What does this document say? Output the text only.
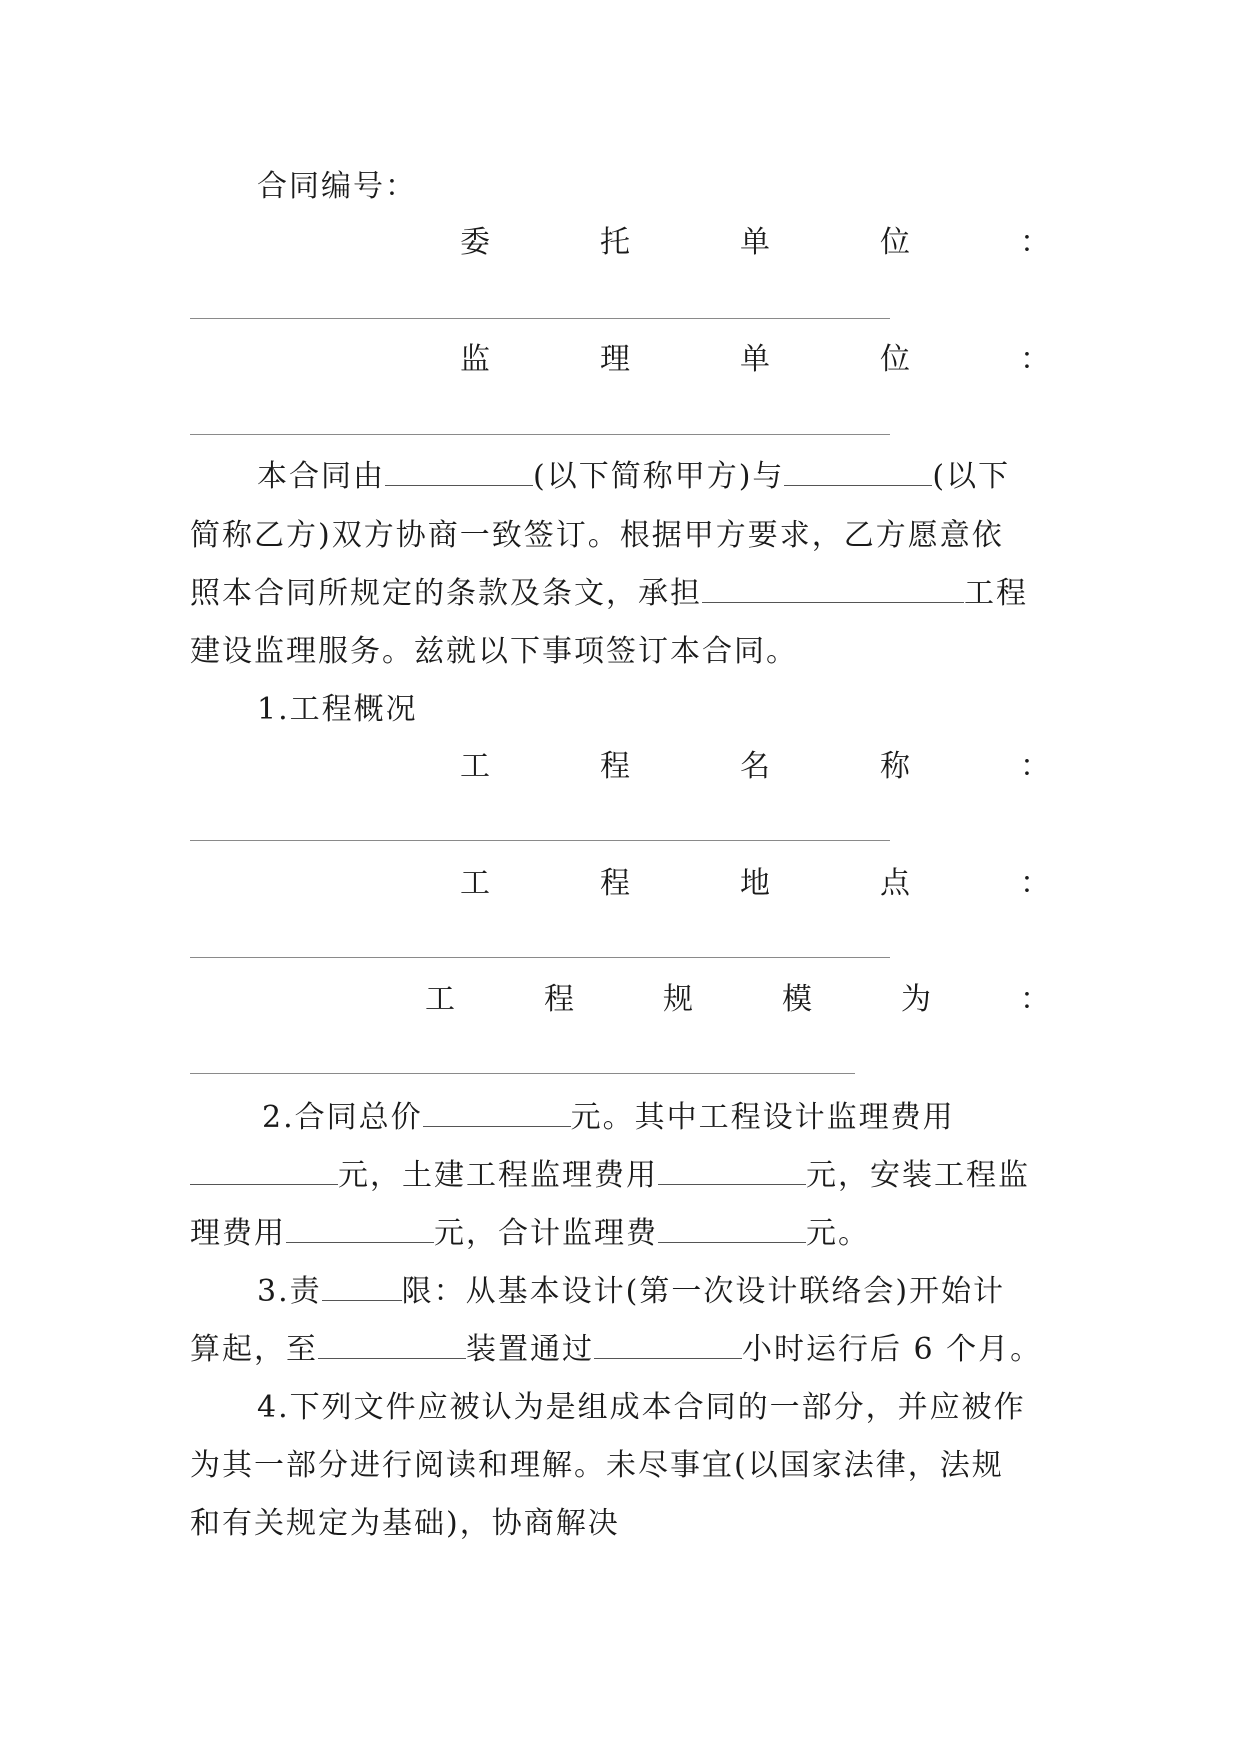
合同编号：
委	托	单	位	：
监	理	单	位	：
本合同由	(以下简称甲方)与	(以下
简称乙方)双方协商一致签订。根据甲方要求，乙方愿意依
照本合同所规定的条款及条文，承担	工程
建设监理服务。兹就以下事项签订本合同。
1.工程概况
工	程	名	称	：
工	程	地	点	：
工	程	规	模	为	：
2.合同总价	元。其中工程设计监理费用
元，土建工程监理费用	元，安装工程监
理费用	元，合计监理费	元。
3.责	限：从基本设计(第一次设计联络会)开始计
算起，至	装置通过	小时运行后 6 个月。
4.下列文件应被认为是组成本合同的一部分，并应被作
为其一部分进行阅读和理解。未尽事宜(以国家法律，法规
和有关规定为基础)，协商解决
